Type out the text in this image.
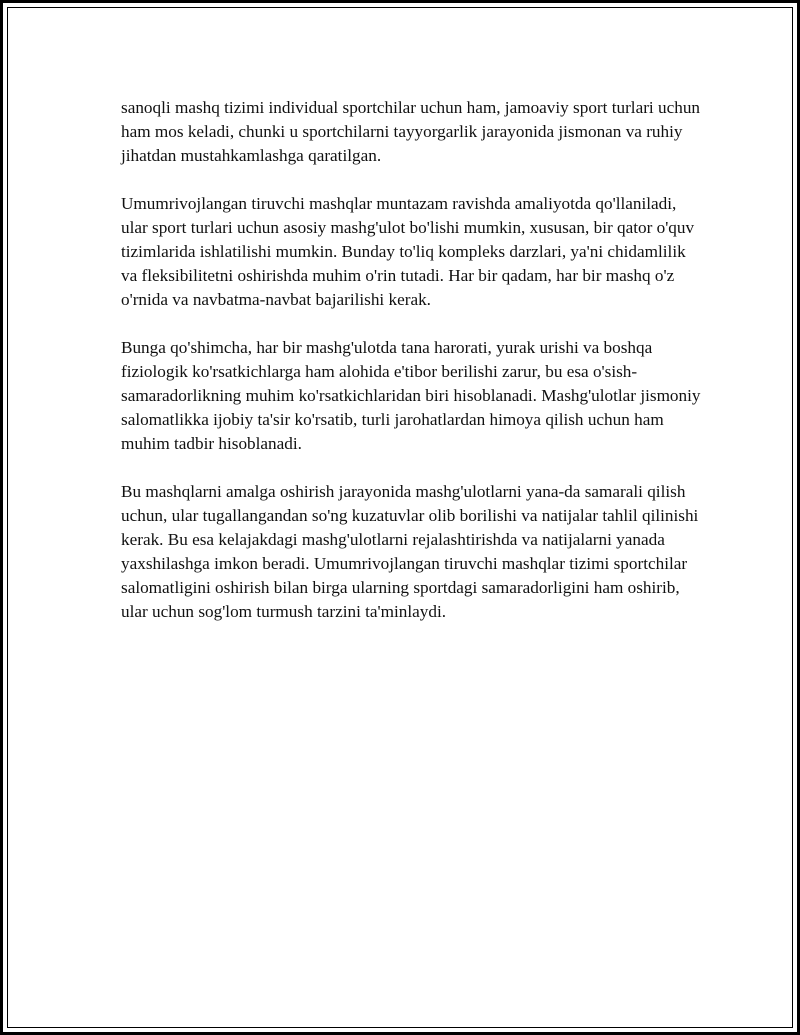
sanoqli mashq tizimi individual sportchilar uchun ham, jamoaviy sport turlari uchun ham mos keladi, chunki u sportchilarni tayyorgarlik jarayonida jismonan va ruhiy jihatdan mustahkamlashga qaratilgan.

Umumrivojlangan tiruvchi mashqlar muntazam ravishda amaliyotda qo'llaniladi, ular sport turlari uchun asosiy mashg'ulot bo'lishi mumkin, xususan, bir qator o'quv tizimlarida ishlatilishi mumkin. Bunday to'liq kompleks darzlari, ya'ni chidamlilik va fleksibilitetni oshirishda muhim o'rin tutadi. Har bir qadam, har bir mashq o'z o'rnida va navbatma-navbat bajarilishi kerak.

Bunga qo'shimcha, har bir mashg'ulotda tana harorati, yurak urishi va boshqa fiziologik ko'rsatkichlarga ham alohida e'tibor berilishi zarur, bu esa o'sish-samaradorlikning muhim ko'rsatkichlaridan biri hisoblanadi. Mashg'ulotlar jismoniy salomatlikka ijobiy ta'sir ko'rsatib, turli jarohatlardan himoya qilish uchun ham muhim tadbir hisoblanadi.

Bu mashqlarni amalga oshirish jarayonida mashg'ulotlarni yana-da samarali qilish uchun, ular tugallangandan so'ng kuzatuvlar olib borilishi va natijalar tahlil qilinishi kerak. Bu esa kelajakdagi mashg'ulotlarni rejalashtirishda va natijalarni yanada yaxshilashga imkon beradi. Umumrivojlangan tiruvchi mashqlar tizimi sportchilar salomatligini oshirish bilan birga ularning sportdagi samaradorligini ham oshirib, ular uchun sog'lom turmush tarzini ta'minlaydi.
